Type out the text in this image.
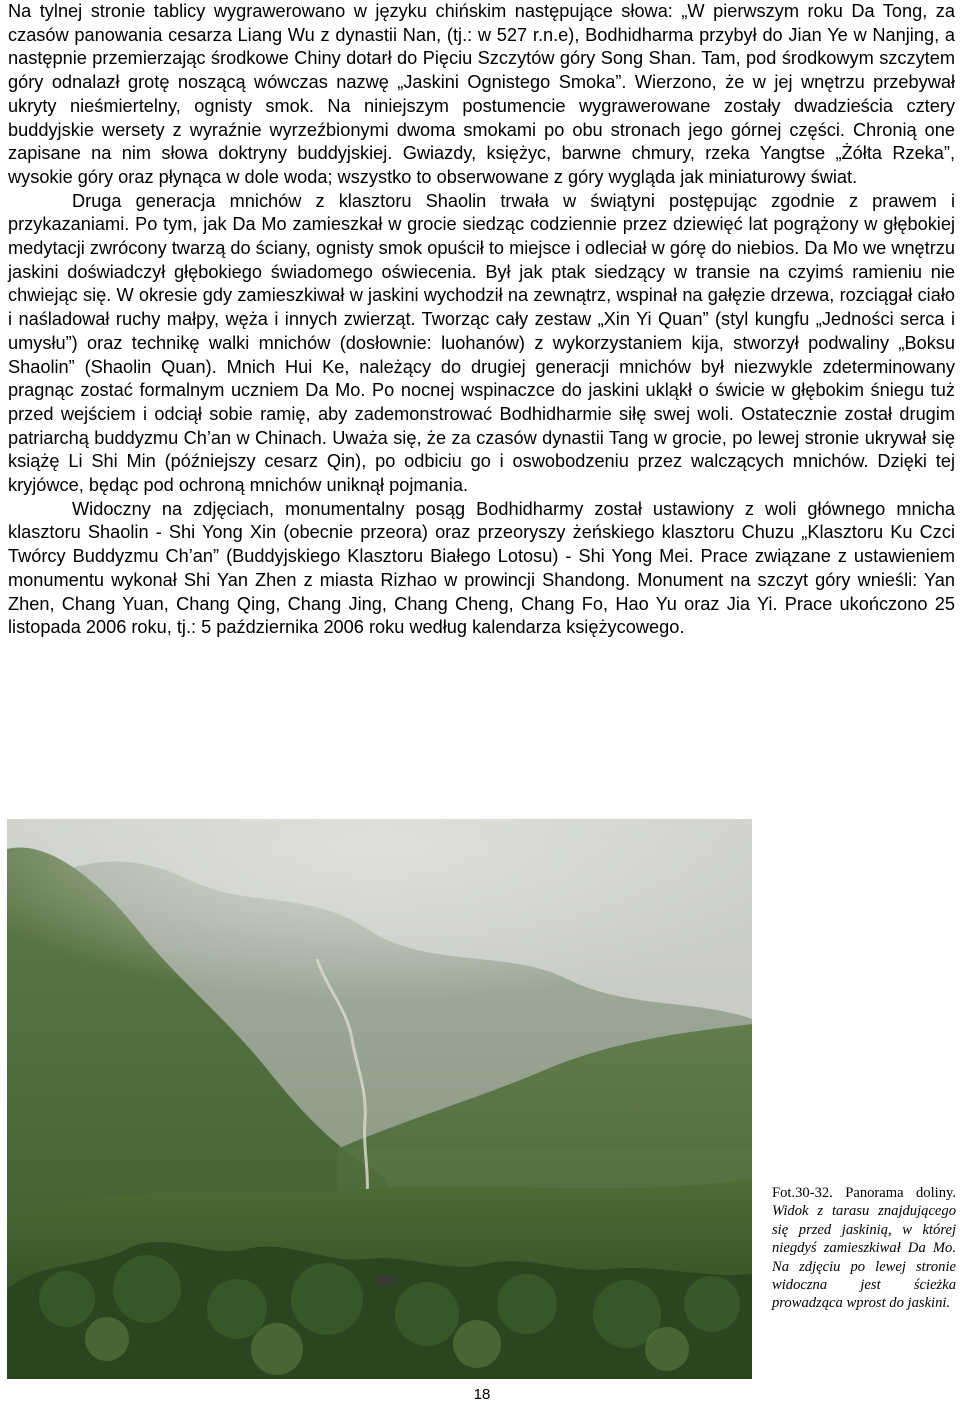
Na tylnej stronie tablicy wygrawerowano w języku chińskim następujące słowa: „W pierwszym roku Da Tong, za czasów panowania cesarza Liang Wu z dynastii Nan, (tj.: w 527 r.n.e), Bodhidharma przybył do Jian Ye w Nanjing, a następnie przemierzając środkowe Chiny dotarł do Pięciu Szczytów góry Song Shan. Tam, pod środkowym szczytem góry odnalazł grotę noszącą wówczas nazwę „Jaskini Ognistego Smoka”. Wierzono, że w jej wnętrzu przebywał ukryty nieśmiertelny, ognisty smok. Na niniejszym postumencie wygrawerowane zostały dwadzieścia cztery buddyjskie wersety z wyraźnie wyrzeźbionymi dwoma smokami po obu stronach jego górnej części. Chronią one zapisane na nim słowa doktryny buddyjskiej. Gwiazdy, księżyc, barwne chmury, rzeka Yangtse „Żółta Rzeka”, wysokie góry oraz płynąca w dole woda; wszystko to obserwowane z góry wygląda jak miniaturowy świat.

Druga generacja mnichów z klasztoru Shaolin trwała w świątyni postępując zgodnie z prawem i przykazaniami. Po tym, jak Da Mo zamieszkał w grocie siedząc codziennie przez dziewięć lat pogrążony w głębokiej medytacji zwrócony twarzą do ściany, ognisty smok opuścił to miejsce i odleciał w górę do niebios. Da Mo we wnętrzu jaskini doświadczył głębokiego świadomego oświecenia. Był jak ptak siedzący w transie na czyimś ramieniu nie chwiejąc się. W okresie gdy zamieszkiwał w jaskini wychodził na zewnątrz, wspinał na gałęzie drzewa, rozciągał ciało i naśladował ruchy małpy, węża i innych zwierząt. Tworząc cały zestaw „Xin Yi Quan” (styl kungfu „Jedności serca i umysłu”) oraz technikę walki mnichów (dosłownie: luohanów) z wykorzystaniem kija, stworzył podwaliny „Boksu Shaolin” (Shaolin Quan). Mnich Hui Ke, należący do drugiej generacji mnichów był niezwykle zdeterminowany pragnąc zostać formalnym uczniem Da Mo. Po nocnej wspinaczce do jaskini ukląkł o świcie w głębokim śniegu tuż przed wejściem i odciął sobie ramię, aby zademonstrować Bodhidharmie siłę swej woli. Ostatecznie został drugim patriarchą buddyzmu Ch’an w Chinach. Uważa się, że za czasów dynastii Tang w grocie, po lewej stronie ukrywał się książę Li Shi Min (późniejszy cesarz Qin), po odbiciu go i oswobodzeniu przez walczących mnichów. Dzięki tej kryjówce, będąc pod ochroną mnichów uniknął pojmania.

Widoczny na zdjęciach, monumentalny posąg Bodhidharmy został ustawiony z woli głównego mnicha klasztoru Shaolin - Shi Yong Xin (obecnie przeora) oraz przeoryszy żeńskiego klasztoru Chuzu „Klasztoru Ku Czci Twórcy Buddyzmu Ch’an” (Buddyjskiego Klasztoru Białego Lotosu) - Shi Yong Mei. Prace związane z ustawieniem monumentu wykonał Shi Yan Zhen z miasta Rizhao w prowincji Shandong. Monument na szczyt góry wnieśli: Yan Zhen, Chang Yuan, Chang Qing, Chang Jing, Chang Cheng, Chang Fo, Hao Yu oraz Jia Yi. Prace ukończono 25 listopada 2006 roku, tj.: 5 października 2006 roku według kalendarza księżycowego.

Fot.30-32. Panorama doliny. Widok z tarasu znajdującego się przed jaskinią, w której niegdyś zamieszkiwał Da Mo. Na zdjęciu po lewej stronie widoczna jest ścieżka prowadząca wprost do jaskini.
18
